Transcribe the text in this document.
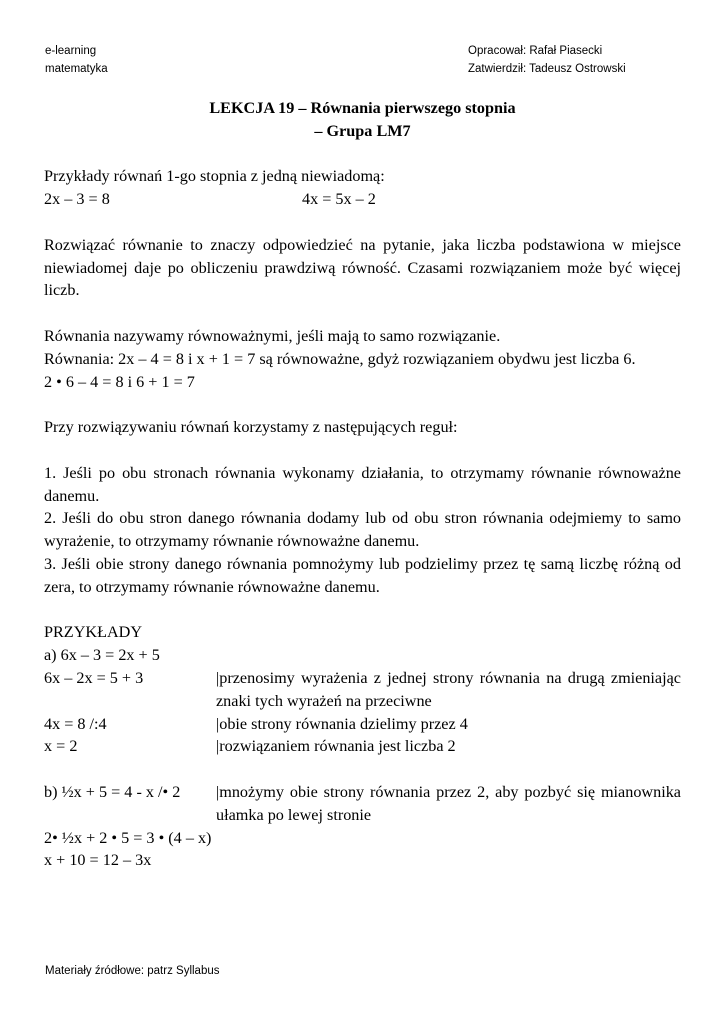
e-learning
matematyka
Opracował: Rafał Piasecki
Zatwierdził: Tadeusz Ostrowski
LEKCJA 19 – Równania pierwszego stopnia
– Grupa LM7

Przykłady równań 1-go stopnia z jedną niewiadomą:

2x – 3 = 8	4x = 5x – 2

Rozwiązać równanie to znaczy odpowiedzieć na pytanie, jaka liczba podstawiona w miejsce niewiadomej daje po obliczeniu prawdziwą równość. Czasami rozwiązaniem może być więcej liczb.

Równania nazywamy równoważnymi, jeśli mają to samo rozwiązanie.

Równania: 2x – 4 = 8 i x + 1 = 7 są równoważne, gdyż rozwiązaniem obydwu jest liczba 6.

2 • 6 – 4 = 8 i 6 + 1 = 7

Przy rozwiązywaniu równań korzystamy z następujących reguł:

1. Jeśli po obu stronach równania wykonamy działania, to otrzymamy równanie równoważne danemu.

2. Jeśli do obu stron danego równania dodamy lub od obu stron równania odejmiemy to samo wyrażenie, to otrzymamy równanie równoważne danemu.

3. Jeśli obie strony danego równania pomnożymy lub podzielimy przez tę samą liczbę różną od zera, to otrzymamy równanie równoważne danemu.

PRZYKŁADY

a) 6x – 3 = 2x + 5

6x – 2x = 5 + 3	|przenosimy wyrażenia z jednej strony równania na drugą zmieniając znaki tych wyrażeń na przeciwne
4x = 8 /:4	|obie strony równania dzielimy przez 4
x = 2	|rozwiązaniem równania jest liczba 2
b) ½x + 5 = 4 - x /• 2	|mnożymy obie strony równania przez 2, aby pozbyć się mianownika ułamka po lewej stronie

2• ½x + 2 • 5 = 3 • (4 – x)

x + 10 = 12 – 3x

Materiały źródłowe: patrz Syllabus
